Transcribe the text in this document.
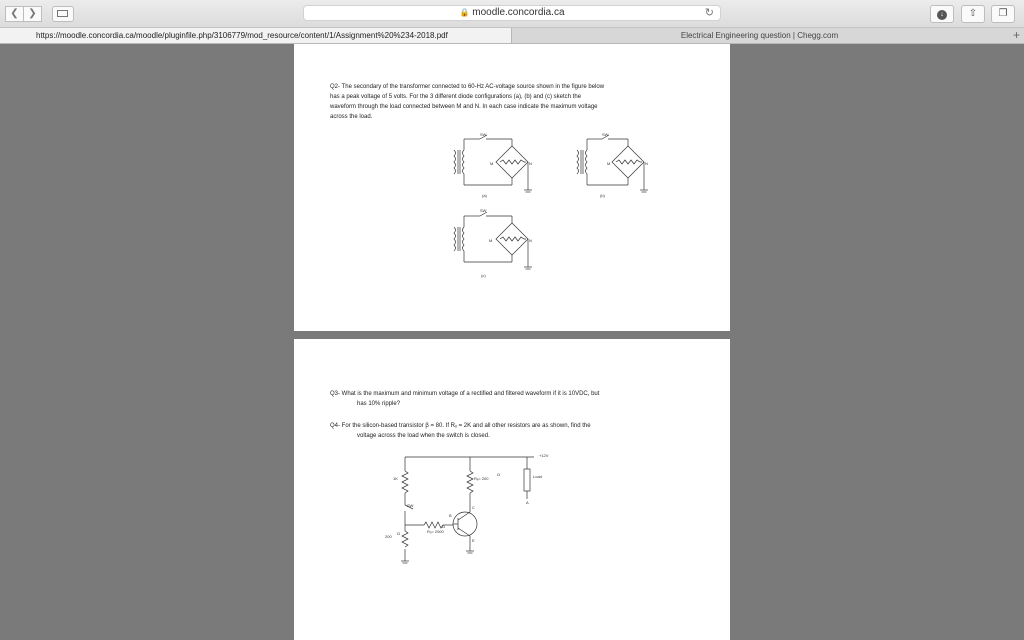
❮ ❯	🔒 moodle.concordia.ca	↻	↓	⇧	❐
https://moodle.concordia.ca/moodle/pluginfile.php/3106779/mod_resource/content/1/Assignment%20%234-2018.pdf	Electrical Engineering question | Chegg.com	+
Q2- The secondary of the transformer connected to 60-Hz AC-voltage source shown in the figure below
has a peak voltage of 5 volts. For the 3 different diode configurations (a), (b) and (c) sketch the
waveform through the load connected between M and N. In each case indicate the maximum voltage
across the load.
SW
M	N
(a)
SW
M	N
(b)
SW
M	N
(c)
Q3- What is the maximum and minimum voltage of a rectified and filtered waveform if it is 10VDC, but
has 10% ripple?
Q4- For the silicon-based transistor β = 80. If Rₓ = 2K and all other resistors are as shown, find the
voltage across the load when the switch is closed.
+12V
1K	Rₑ= 200
Ω	Load
A
SW
B
C
E
Rₒ= 2000
Ω
200
Ω
